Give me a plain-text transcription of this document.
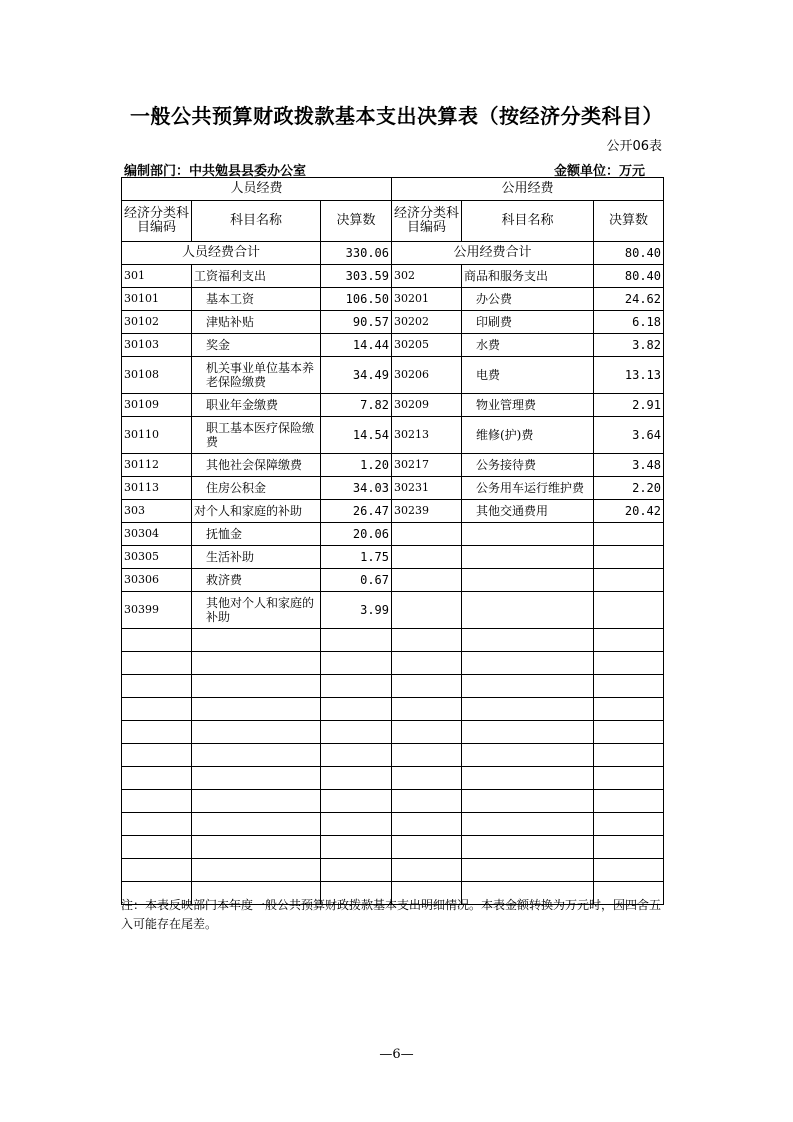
一般公共预算财政拨款基本支出决算表（按经济分类科目）
公开06表
编制部门：中共勉县县委办公室	金额单位：万元
人员经费			公用经费		
经济分类科目编码	科目名称	决算数	经济分类科目编码	科目名称	决算数
人员经费合计		330.06	公用经费合计		80.40
301	工资福利支出	303.59	302	商品和服务支出	80.40
30101	基本工资	106.50	30201	办公费	24.62
30102	津贴补贴	90.57	30202	印刷费	6.18
30103	奖金	14.44	30205	水费	3.82
30108	机关事业单位基本养老保险缴费	34.49	30206	电费	13.13
30109	职业年金缴费	7.82	30209	物业管理费	2.91
30110	职工基本医疗保险缴费	14.54	30213	维修(护)费	3.64
30112	其他社会保障缴费	1.20	30217	公务接待费	3.48
30113	住房公积金	34.03	30231	公务用车运行维护费	2.20
303	对个人和家庭的补助	26.47	30239	其他交通费用	20.42
30304	抚恤金	20.06			
30305	生活补助	1.75			
30306	救济费	0.67			
30399	其他对个人和家庭的补助	3.99			

注：本表反映部门本年度一般公共预算财政拨款基本支出明细情况。本表金额转换为万元时，因四舍五入可能存在尾差。
—6—
